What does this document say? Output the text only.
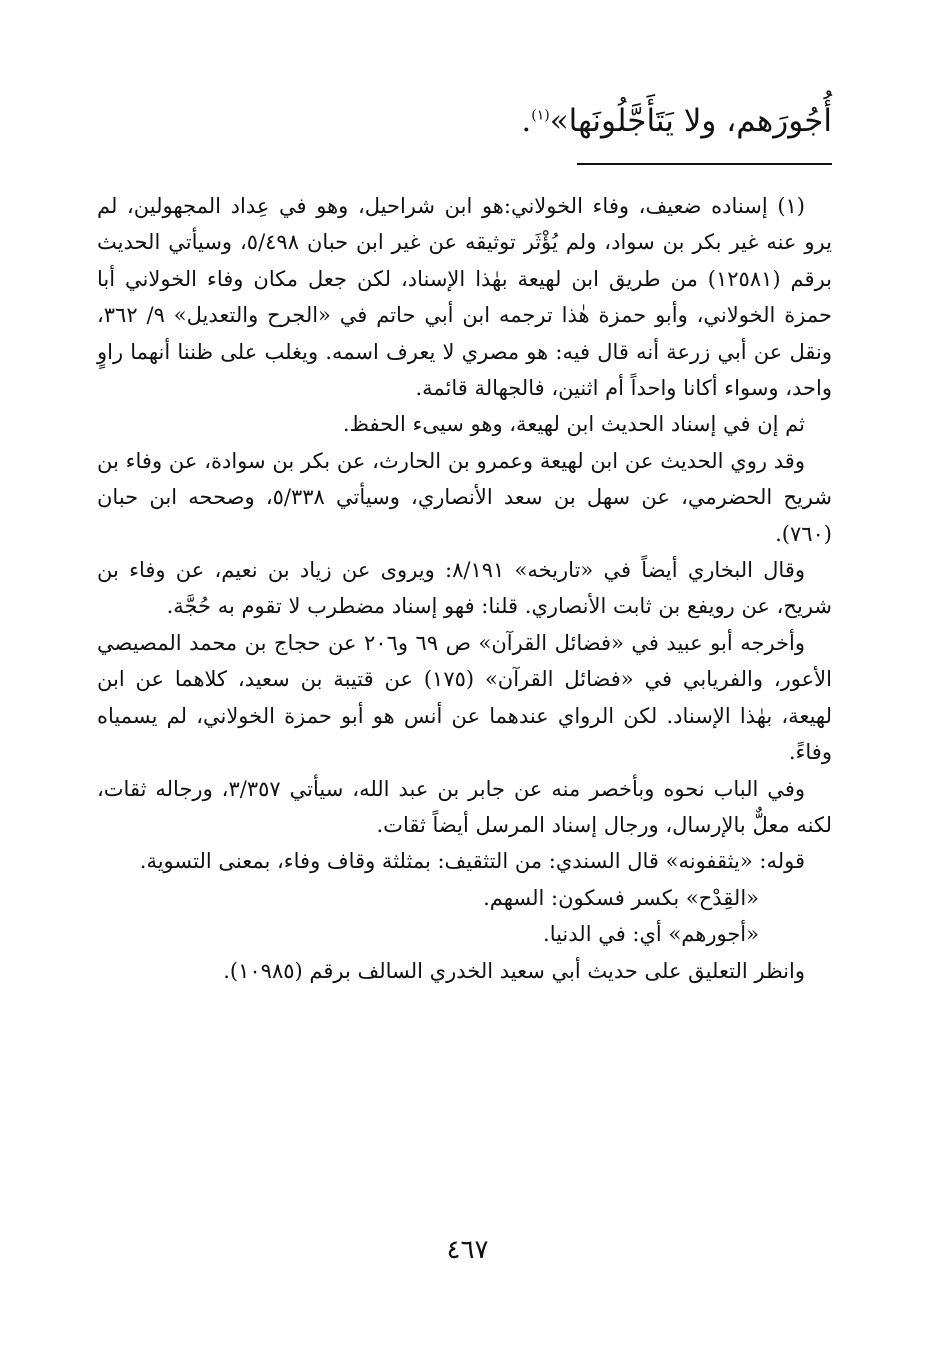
أُجُورَهم، ولا يَتَأَجَّلُونَها»$^{(١)}$.

(١) إسناده ضعيف، وفاء الخولاني:هو ابن شراحيل، وهو في عِداد المجهولين، لم يرو عنه غير بكر بن سواد، ولم يُؤْثَر توثيقه عن غير ابن حبان ٥/٤٩٨، وسيأتي الحديث برقم (١٢٥٨١) من طريق ابن لهيعة بهٰذا الإسناد، لكن جعل مكان وفاء الخولاني أبا حمزة الخولاني، وأبو حمزة هٰذا ترجمه ابن أبي حاتم في «الجرح والتعديل» ٩/ ٣٦٢، ونقل عن أبي زرعة أنه قال فيه: هو مصري لا يعرف اسمه. ويغلب على ظننا أنهما راوٍ واحد، وسواء أكانا واحداً أم اثنين، فالجهالة قائمة.

ثم إن في إسناد الحديث ابن لهيعة، وهو سيىء الحفظ.

وقد روي الحديث عن ابن لهيعة وعمرو بن الحارث، عن بكر بن سوادة، عن وفاء بن شريح الحضرمي، عن سهل بن سعد الأنصاري، وسيأتي ٥/٣٣٨، وصححه ابن حبان (٧٦٠).

وقال البخاري أيضاً في «تاريخه» ٨/١٩١: ويروى عن زياد بن نعيم، عن وفاء بن شريح، عن رويفع بن ثابت الأنصاري. قلنا: فهو إسناد مضطرب لا تقوم به حُجَّة.

وأخرجه أبو عبيد في «فضائل القرآن» ص ٦٩ و٢٠٦ عن حجاج بن محمد المصيصي الأعور، والفريابي في «فضائل القرآن» (١٧٥) عن قتيبة بن سعيد، كلاهما عن ابن لهيعة، بهٰذا الإسناد. لكن الرواي عندهما عن أنس هو أبو حمزة الخولاني، لم يسمياه وفاءً.

وفي الباب نحوه وبأخصر منه عن جابر بن عبد الله، سيأتي ٣/٣٥٧، ورجاله ثقات، لكنه معلٌّ بالإرسال، ورجال إسناد المرسل أيضاً ثقات.

قوله: «يثقفونه» قال السندي: من التثقيف: بمثلثة وقاف وفاء، بمعنى التسوية.

«القِدْح» بكسر فسكون: السهم.

«أجورهم» أي: في الدنيا.

وانظر التعليق على حديث أبي سعيد الخدري السالف برقم (١٠٩٨٥).

٤٦٧
